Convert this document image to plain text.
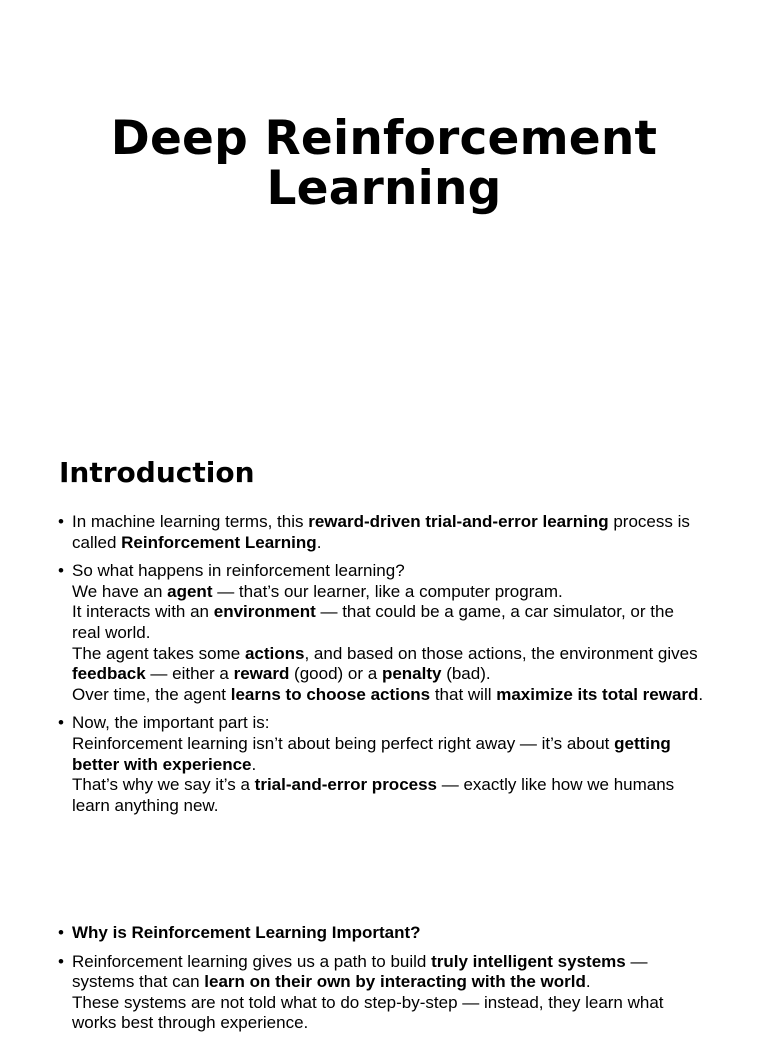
Deep Reinforcement
Learning
Introduction
• In machine learning terms, this reward-driven trial-and-error learning process is
called Reinforcement Learning.
• So what happens in reinforcement learning?
We have an agent — that’s our learner, like a computer program.
It interacts with an environment — that could be a game, a car simulator, or the
real world.
The agent takes some actions, and based on those actions, the environment gives
feedback — either a reward (good) or a penalty (bad).
Over time, the agent learns to choose actions that will maximize its total reward.
• Now, the important part is:
Reinforcement learning isn’t about being perfect right away — it’s about getting
better with experience.
That’s why we say it’s a trial-and-error process — exactly like how we humans
learn anything new.
• Why is Reinforcement Learning Important?
• Reinforcement learning gives us a path to build truly intelligent systems —
systems that can learn on their own by interacting with the world.
These systems are not told what to do step-by-step — instead, they learn what
works best through experience.
